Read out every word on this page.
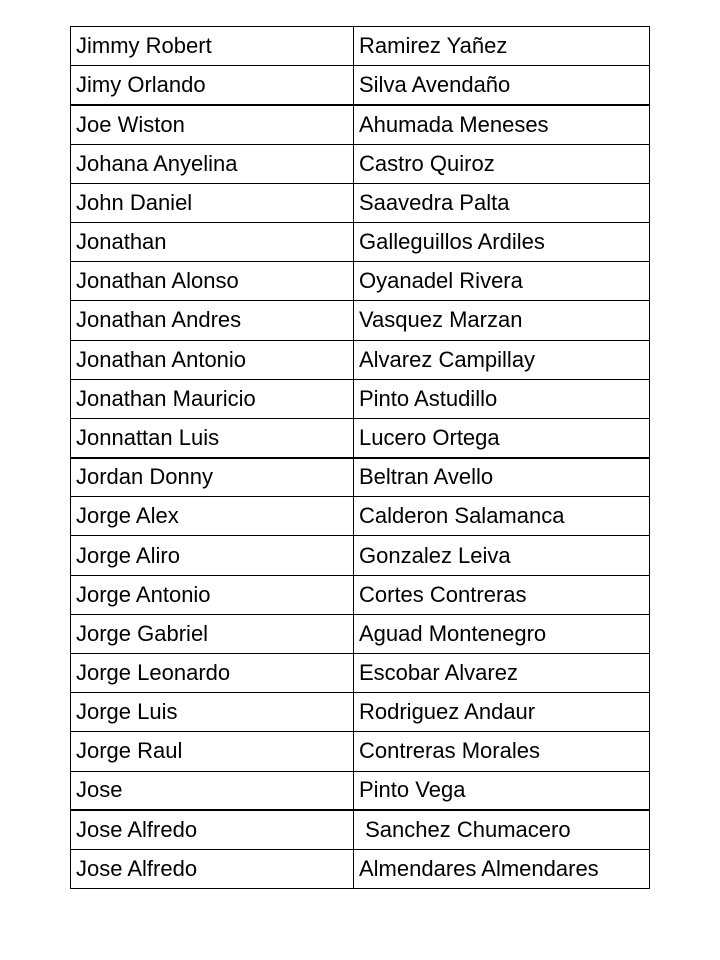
Jimmy Robert	Ramirez Yañez
Jimy Orlando	Silva Avendaño
Joe Wiston	Ahumada Meneses
Johana Anyelina	Castro Quiroz
John Daniel	Saavedra Palta
Jonathan	Galleguillos Ardiles
Jonathan Alonso	Oyanadel Rivera
Jonathan Andres	Vasquez Marzan
Jonathan Antonio	Alvarez Campillay
Jonathan Mauricio	Pinto Astudillo
Jonnattan Luis	Lucero Ortega
Jordan Donny	Beltran Avello
Jorge Alex	Calderon Salamanca
Jorge Aliro	Gonzalez Leiva
Jorge Antonio	Cortes Contreras
Jorge Gabriel	Aguad Montenegro
Jorge Leonardo	Escobar Alvarez
Jorge Luis	Rodriguez Andaur
Jorge Raul	Contreras Morales
Jose	Pinto Vega
Jose Alfredo	Sanchez Chumacero
Jose Alfredo	Almendares Almendares
